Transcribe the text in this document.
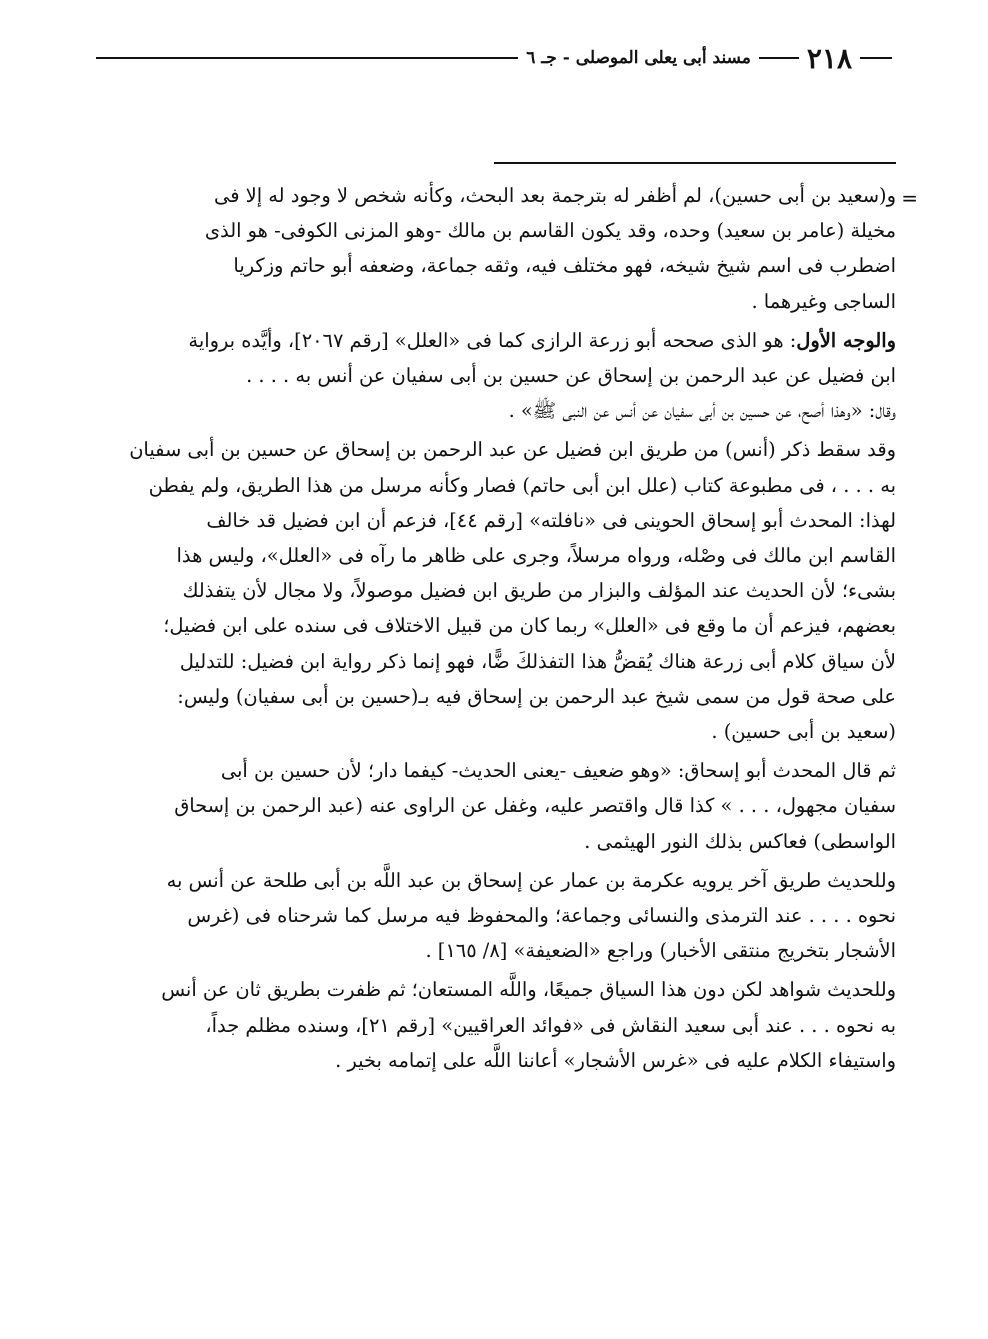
٢١٨
مسند أبى يعلى الموصلى - جـ ٦
=

و(سعيد بن أبى حسين)، لم أظفر له بترجمة بعد البحث، وكأنه شخص لا وجود له إلا فى
مخيلة (عامر بن سعيد) وحده، وقد يكون القاسم بن مالك -وهو المزنى الكوفى- هو الذى
اضطرب فى اسم شيخ شيخه، فهو مختلف فيه، وثقه جماعة، وضعفه أبو حاتم وزكريا
الساجى وغيرهما .

والوجه الأول: هو الذى صححه أبو زرعة الرازى كما فى «العلل» [رقم ٢٠٦٧]، وأيَّده برواية
ابن فضيل عن عبد الرحمن بن إسحاق عن حسين بن أبى سفيان عن أنس به . . . .
وقال: «وهذا أصح، عن حسين بن أبى سفيان عن أنس عن النبى ﷺ» .

وقد سقط ذكر (أنس) من طريق ابن فضيل عن عبد الرحمن بن إسحاق عن حسين بن أبى سفيان
به . . . ، فى مطبوعة كتاب (علل ابن أبى حاتم) فصار وكأنه مرسل من هذا الطريق، ولم يفطن
لهذا: المحدث أبو إسحاق الحوينى فى «نافلته» [رقم ٤٤]، فزعم أن ابن فضيل قد خالف
القاسم ابن مالك فى وصْله، ورواه مرسلاً، وجرى على ظاهر ما رآه فى «العلل»، وليس هذا
بشىء؛ لأن الحديث عند المؤلف والبزار من طريق ابن فضيل موصولاً، ولا مجال لأن يتفذلك
بعضهم، فيزعم أن ما وقع فى «العلل» ربما كان من قبيل الاختلاف فى سنده على ابن فضيل؛
لأن سياق كلام أبى زرعة هناك يُقضُّ هذا التفذلكَ ضًّا، فهو إنما ذكر رواية ابن فضيل: للتدليل
على صحة قول من سمى شيخ عبد الرحمن بن إسحاق فيه بـ(حسين بن أبى سفيان) وليس:
(سعيد بن أبى حسين) .

ثم قال المحدث أبو إسحاق: «وهو ضعيف -يعنى الحديث- كيفما دار؛ لأن حسين بن أبى
سفيان مجهول، . . . » كذا قال واقتصر عليه، وغفل عن الراوى عنه (عبد الرحمن بن إسحاق
الواسطى) فعاكس بذلك النور الهيثمى .

وللحديث طريق آخر يرويه عكرمة بن عمار عن إسحاق بن عبد اللَّه بن أبى طلحة عن أنس به
نحوه . . . . عند الترمذى والنسائى وجماعة؛ والمحفوظ فيه مرسل كما شرحناه فى (غرس
الأشجار بتخريج منتقى الأخبار) وراجع «الضعيفة» [٨/ ١٦٥] .

وللحديث شواهد لكن دون هذا السياق جميعًا، واللَّه المستعان؛ ثم ظفرت بطريق ثان عن أنس
به نحوه . . . عند أبى سعيد النقاش فى «فوائد العراقيين» [رقم ٢١]، وسنده مظلم جداً،
واستيفاء الكلام عليه فى «غرس الأشجار» أعاننا اللَّه على إتمامه بخير .
